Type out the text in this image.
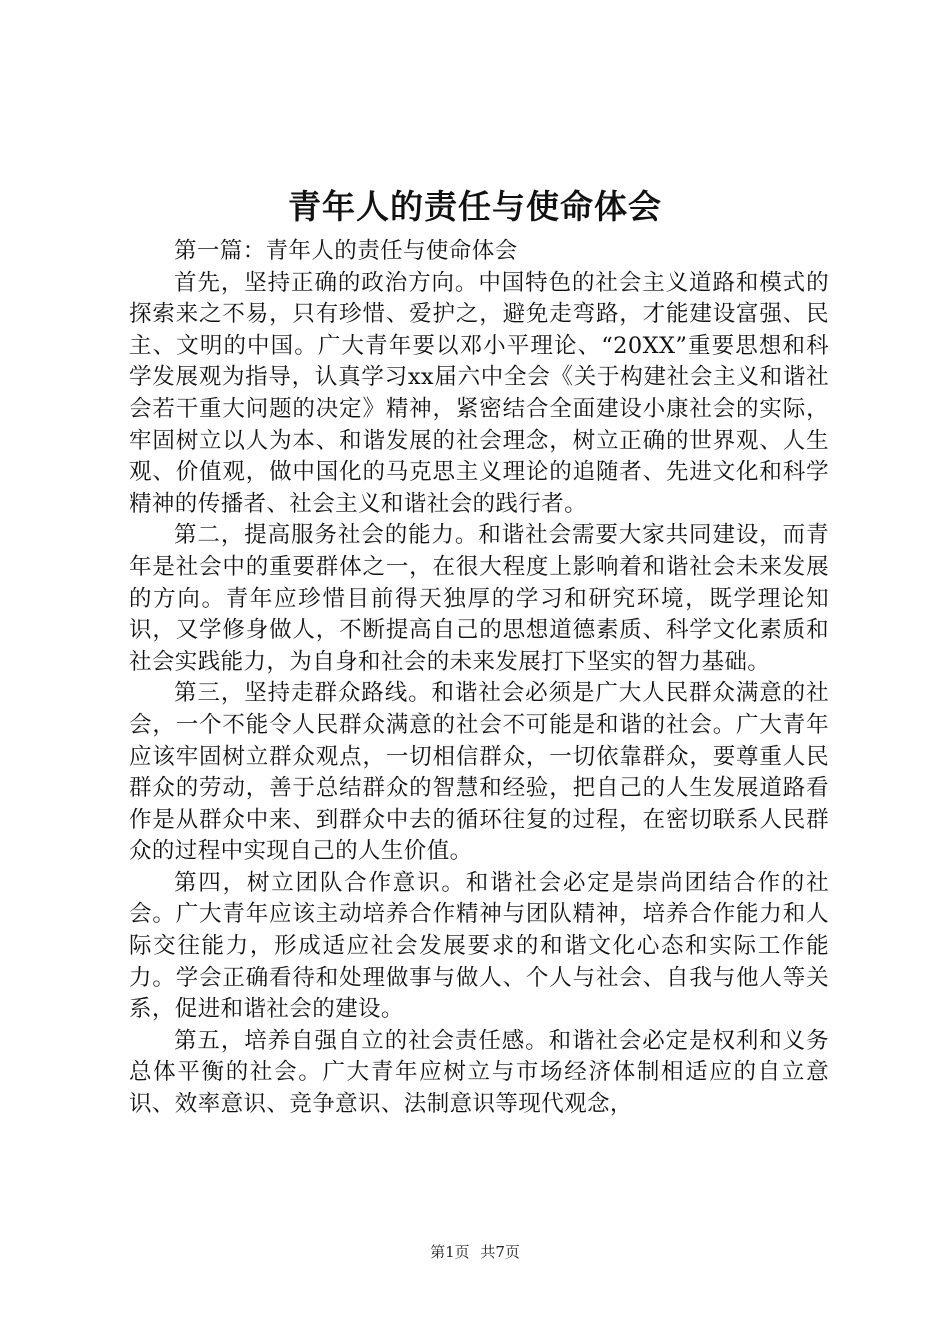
青年人的责任与使命体会

第一篇：青年人的责任与使命体会

首先，坚持正确的政治方向。中国特色的社会主义道路和模式的探索来之不易，只有珍惜、爱护之，避免走弯路，才能建设富强、民主、文明的中国。广大青年要以邓小平理论、“20XX”重要思想和科学发展观为指导，认真学习xx届六中全会《关于构建社会主义和谐社会若干重大问题的决定》精神，紧密结合全面建设小康社会的实际，牢固树立以人为本、和谐发展的社会理念，树立正确的世界观、人生观、价值观，做中国化的马克思主义理论的追随者、先进文化和科学精神的传播者、社会主义和谐社会的践行者。

第二，提高服务社会的能力。和谐社会需要大家共同建设，而青年是社会中的重要群体之一，在很大程度上影响着和谐社会未来发展的方向。青年应珍惜目前得天独厚的学习和研究环境，既学理论知识，又学修身做人，不断提高自己的思想道德素质、科学文化素质和社会实践能力，为自身和社会的未来发展打下坚实的智力基础。

第三，坚持走群众路线。和谐社会必须是广大人民群众满意的社会，一个不能令人民群众满意的社会不可能是和谐的社会。广大青年应该牢固树立群众观点，一切相信群众，一切依靠群众，要尊重人民群众的劳动，善于总结群众的智慧和经验，把自己的人生发展道路看作是从群众中来、到群众中去的循环往复的过程，在密切联系人民群众的过程中实现自己的人生价值。

第四，树立团队合作意识。和谐社会必定是崇尚团结合作的社会。广大青年应该主动培养合作精神与团队精神，培养合作能力和人际交往能力，形成适应社会发展要求的和谐文化心态和实际工作能力。学会正确看待和处理做事与做人、个人与社会、自我与他人等关系，促进和谐社会的建设。

第五，培养自强自立的社会责任感。和谐社会必定是权利和义务总体平衡的社会。广大青年应树立与市场经济体制相适应的自立意识、效率意识、竞争意识、法制意识等现代观念，

第1页 共7页
